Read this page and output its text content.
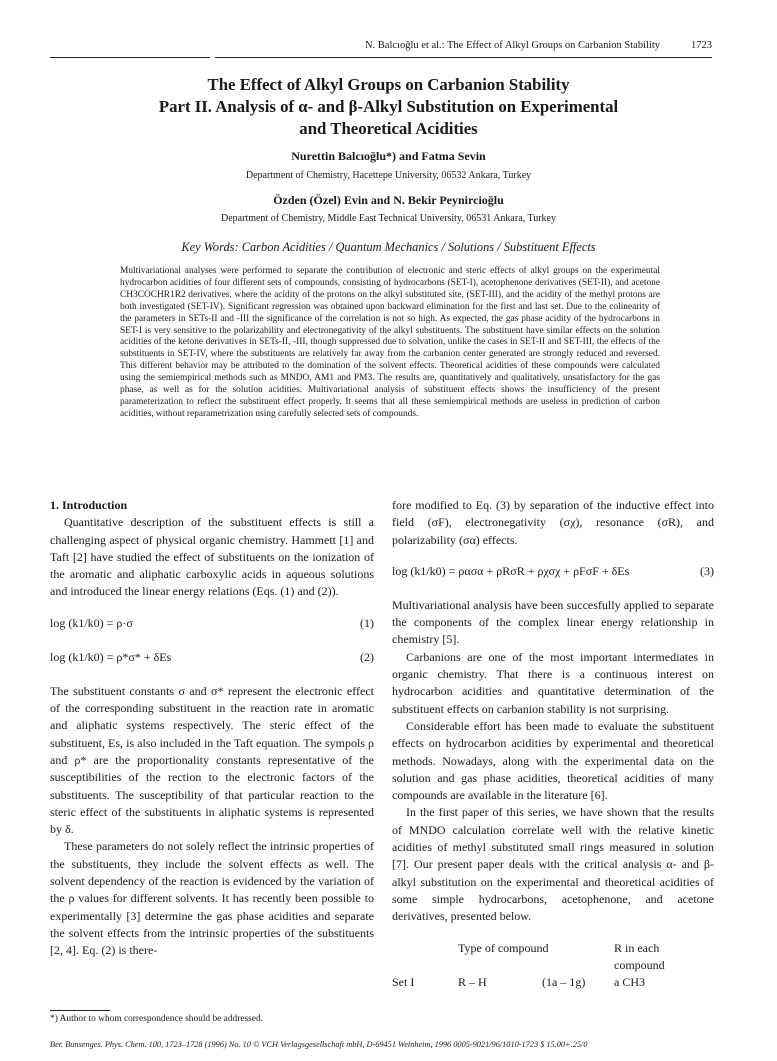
N. Balcıoğlu et al.: The Effect of Alkyl Groups on Carbanion Stability	1723
The Effect of Alkyl Groups on Carbanion Stability
Part II. Analysis of α- and β-Alkyl Substitution on Experimental
and Theoretical Acidities
Nurettin Balcıoğlu*) and Fatma Sevin
Department of Chemistry, Hacettepe University, 06532 Ankara, Turkey
Özden (Özel) Evin and N. Bekir Peynircioğlu
Department of Chemistry, Middle East Technical University, 06531 Ankara, Turkey
Key Words: Carbon Acidities / Quantum Mechanics / Solutions / Substituent Effects
Multivariational analyses were performed to separate the contribution of electronic and steric effects of alkyl groups on the experimental hydrocarbon acidities of four different sets of compounds, consisting of hydrocarbons (SET-I), acetophenone derivatives (SET-II), and acetone CH3COCHR1R2 derivatives, where the acidity of the protons on the alkyl substituted site, (SET-III), and the acidity of the methyl protons are both investigated (SET-IV). Significant regression was obtained upon backward elimination for the first and last set. Due to the colinearity of the parameters in SETs-II and -III the significance of the correlation is not so high. As expected, the gas phase acidity of the hydrocarbons in SET-I is very sensitive to the polarizability and electronegativity of the alkyl substituents. The substituent have similar effects on the solution acidities of the ketone derivatives in SETs-II, -III, though suppressed due to solvation, unlike the cases in SET-II and SET-III, the effects of the substituents in SET-IV, where the substituents are relatively far away from the carbanion center generated are strongly reduced and reversed. This different behavior may be attributed to the domination of the solvent effects. Theoretical acidities of these compounds were calculated using the semiempirical methods such as MNDO, AM1 and PM3. The results are, quantitatively and qualitatively, unsatisfactory for the gas phase, as well as for the solution acidities. Multivariational analysis of substituent effects shows the insufficiency of the present parameterization to reflect the substituent effect properly. It seems that all these semiempirical methods are useless in prediction of carbon acidities, without reparametrization using carefully selected sets of compounds.

1. Introduction

Quantitative description of the substituent effects is still a challenging aspect of physical organic chemistry. Hammett [1] and Taft [2] have studied the effect of substituents on the ionization of the aromatic and aliphatic carboxylic acids in aqueous solutions and introduced the linear energy relations (Eqs. (1) and (2)).

log (k1/k0) = ρ·σ	(1)
log (k1/k0) = ρ*σ* + δEs	(2)

The substituent constants σ and σ* represent the electronic effect of the corresponding substituent in the reaction rate in aromatic and aliphatic systems respectively. The steric effect of the substituent, Es, is also included in the Taft equation. The sympols ρ and ρ* are the proportionality constants representative of the susceptibilities of the rection to the electronic factors of the substituents. The susceptibility of that particular reaction to the steric effect of the substituents in aliphatic systems is represented by δ.

These parameters do not solely reflect the intrinsic properties of the substituents, they include the solvent effects as well. The solvent dependency of the reaction is evidenced by the variation of the ρ values for different solvents. It has recently been possible to experimentally [3] determine the gas phase acidities and separate the solvent effects from the intrinsic properties of the substituents [2, 4]. Eq. (2) is there-

fore modified to Eq. (3) by separation of the inductive effect into field (σF), electronegativity (σχ), resonance (σR), and polarizability (σα) effects.

log (k1/k0) = ρασα + ρRσR + ρχσχ + ρFσF + δEs	(3)

Multivariational analysis have been succesfully applied to separate the components of the complex linear energy relationship in chemistry [5].

Carbanions are one of the most important intermediates in organic chemistry. That there is a continuous interest on hydrocarbon acidities and quantitative determination of the substituent effects on carbanion stability is not surprising.

Considerable effort has been made to evaluate the substituent effects on hydrocarbon acidities by experimental and theoretical methods. Nowadays, along with the experimental data on the solution and gas phase acidities, theoretical acidities of many compounds are available in the literature [6].

In the first paper of this series, we have shown that the results of MNDO calculation correlate well with the relative kinetic acidities of methyl substituted small rings measured in solution [7]. Our present paper deals with the critical analysis α- and β-alkyl substitution on the experimental and theoretical acidities of some simple hydrocarbons, acetophenone, and acetone derivatives, presented below.

Type of compound	R in each
compound
Set I	R – H	(1a – 1g) a CH3
*) Author to whom correspondence should be addressed.
Ber. Bunsenges. Phys. Chem. 100, 1723–1728 (1996) No. 10 © VCH Verlagsgesellschaft mbH, D-69451 Weinheim, 1996 0005-9021/96/1010-1723 $ 15.00+.25/0
